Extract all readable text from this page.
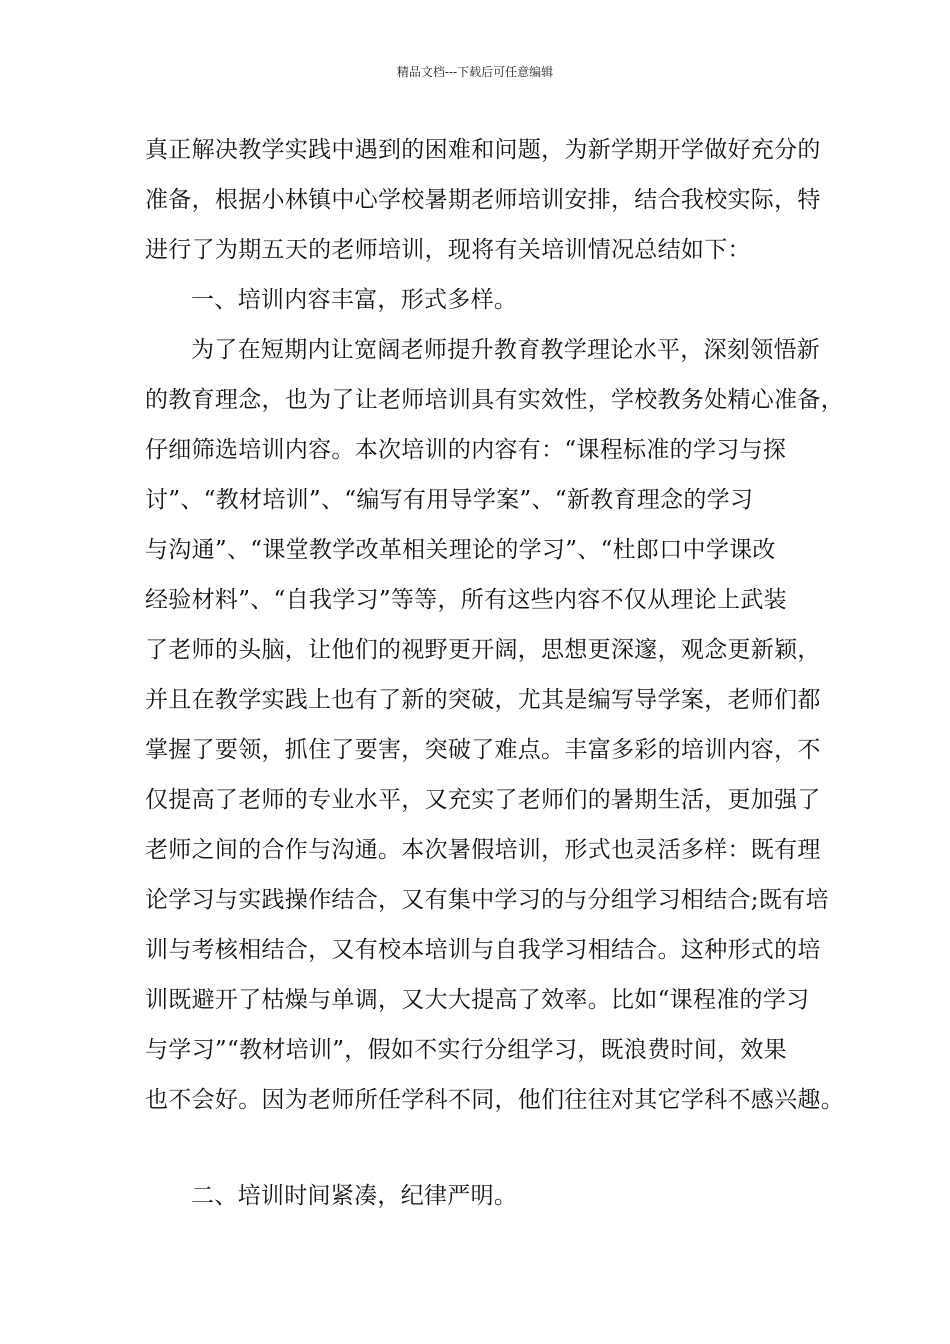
精品文档---下载后可任意编辑
真正解决教学实践中遇到的困难和问题，为新学期开学做好充分的
准备，根据小林镇中心学校暑期老师培训安排，结合我校实际，特
进行了为期五天的老师培训，现将有关培训情况总结如下：
一、培训内容丰富，形式多样。
为了在短期内让宽阔老师提升教育教学理论水平，深刻领悟新
的教育理念，也为了让老师培训具有实效性，学校教务处精心准备，
仔细筛选培训内容。本次培训的内容有：“课程标准的学习与探
讨”、“教材培训”、“编写有用导学案”、“新教育理念的学习
与沟通”、“课堂教学改革相关理论的学习”、“杜郎口中学课改
经验材料”、“自我学习”等等，所有这些内容不仅从理论上武装
了老师的头脑，让他们的视野更开阔，思想更深邃，观念更新颖，
并且在教学实践上也有了新的突破，尤其是编写导学案，老师们都
掌握了要领，抓住了要害，突破了难点。丰富多彩的培训内容，不
仅提高了老师的专业水平，又充实了老师们的暑期生活，更加强了
老师之间的合作与沟通。本次暑假培训，形式也灵活多样：既有理
论学习与实践操作结合，又有集中学习的与分组学习相结合;既有培
训与考核相结合，又有校本培训与自我学习相结合。这种形式的培
训既避开了枯燥与单调，又大大提高了效率。比如“课程准的学习
与学习”“教材培训”，假如不实行分组学习，既浪费时间，效果
也不会好。因为老师所任学科不同，他们往往对其它学科不感兴趣。
二、培训时间紧凑，纪律严明。
